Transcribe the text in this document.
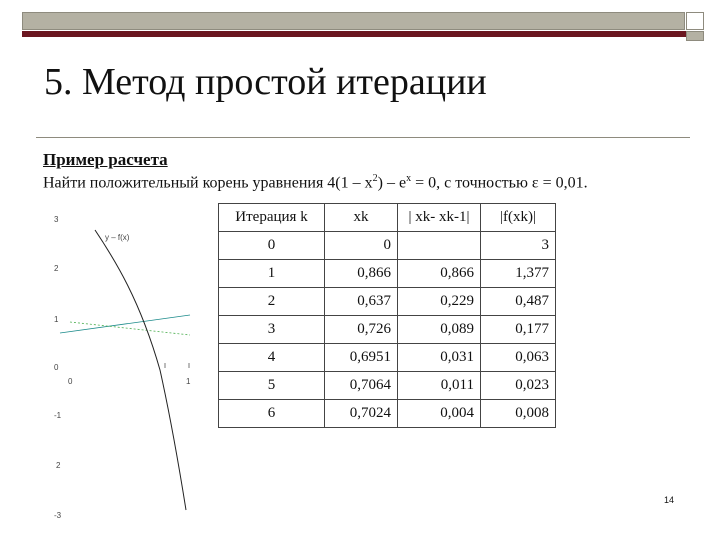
5. Метод простой итерации
Пример расчета
Найти положительный корень уравнения $4(1 - x^2) - e^x = 0$, с точностью ε = 0,01.
3
2
1
0
-1
2
-3
0	1
y – f(x)
Итерация k	xk	| xk- xk-1|	|f(xk)|
0	0		3
1	0,866	0,866	1,377
2	0,637	0,229	0,487
3	0,726	0,089	0,177
4	0,6951	0,031	0,063
5	0,7064	0,011	0,023
6	0,7024	0,004	0,008
14
